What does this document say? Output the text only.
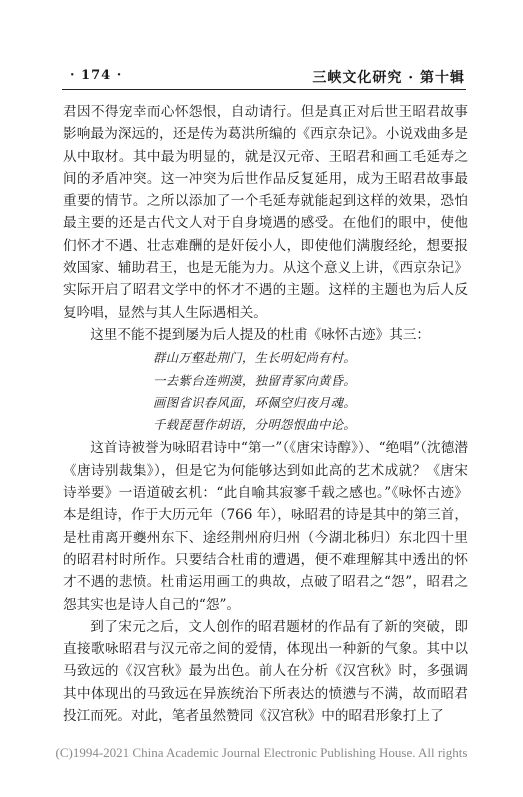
· 174 ·	三峡文化研究 · 第十辑

君因不得宠幸而心怀怨恨，自动请行。但是真正对后世王昭君故事影响最为深远的，还是传为葛洪所编的《西京杂记》。小说戏曲多是从中取材。其中最为明显的，就是汉元帝、王昭君和画工毛延寿之间的矛盾冲突。这一冲突为后世作品反复延用，成为王昭君故事最重要的情节。之所以添加了一个毛延寿就能起到这样的效果，恐怕最主要的还是古代文人对于自身境遇的感受。在他们的眼中，使他们怀才不遇、壮志难酬的是奸佞小人，即使他们满腹经纶，想要报效国家、辅助君王，也是无能为力。从这个意义上讲，《西京杂记》实际开启了昭君文学中的怀才不遇的主题。这样的主题也为后人反复吟唱，显然与其人生际遇相关。

这里不能不提到屡为后人提及的杜甫《咏怀古迹》其三：

群山万壑赴荆门，生长明妃尚有村。
一去紫台连朔漠，独留青冢向黄昏。
画图省识春风面，环佩空归夜月魂。
千载琵琶作胡语，分明怨恨曲中论。

这首诗被誉为咏昭君诗中“第一”（《唐宋诗醇》）、“绝唱”（沈德潜《唐诗别裁集》），但是它为何能够达到如此高的艺术成就？《唐宋诗举要》一语道破玄机：“此自喻其寂寥千载之感也。”《咏怀古迹》本是组诗，作于大历元年（766 年），咏昭君的诗是其中的第三首，是杜甫离开夔州东下、途经荆州府归州（今湖北秭归）东北四十里的昭君村时所作。只要结合杜甫的遭遇，便不难理解其中透出的怀才不遇的悲愤。杜甫运用画工的典故，点破了昭君之“怨”，昭君之怨其实也是诗人自己的“怨”。

到了宋元之后，文人创作的昭君题材的作品有了新的突破，即直接歌咏昭君与汉元帝之间的爱情，体现出一种新的气象。其中以马致远的《汉宫秋》最为出色。前人在分析《汉宫秋》时，多强调其中体现出的马致远在异族统治下所表达的愤懑与不满，故而昭君投江而死。对此，笔者虽然赞同《汉宫秋》中的昭君形象打上了

(C)1994-2021 China Academic Journal Electronic Publishing House. All rights
